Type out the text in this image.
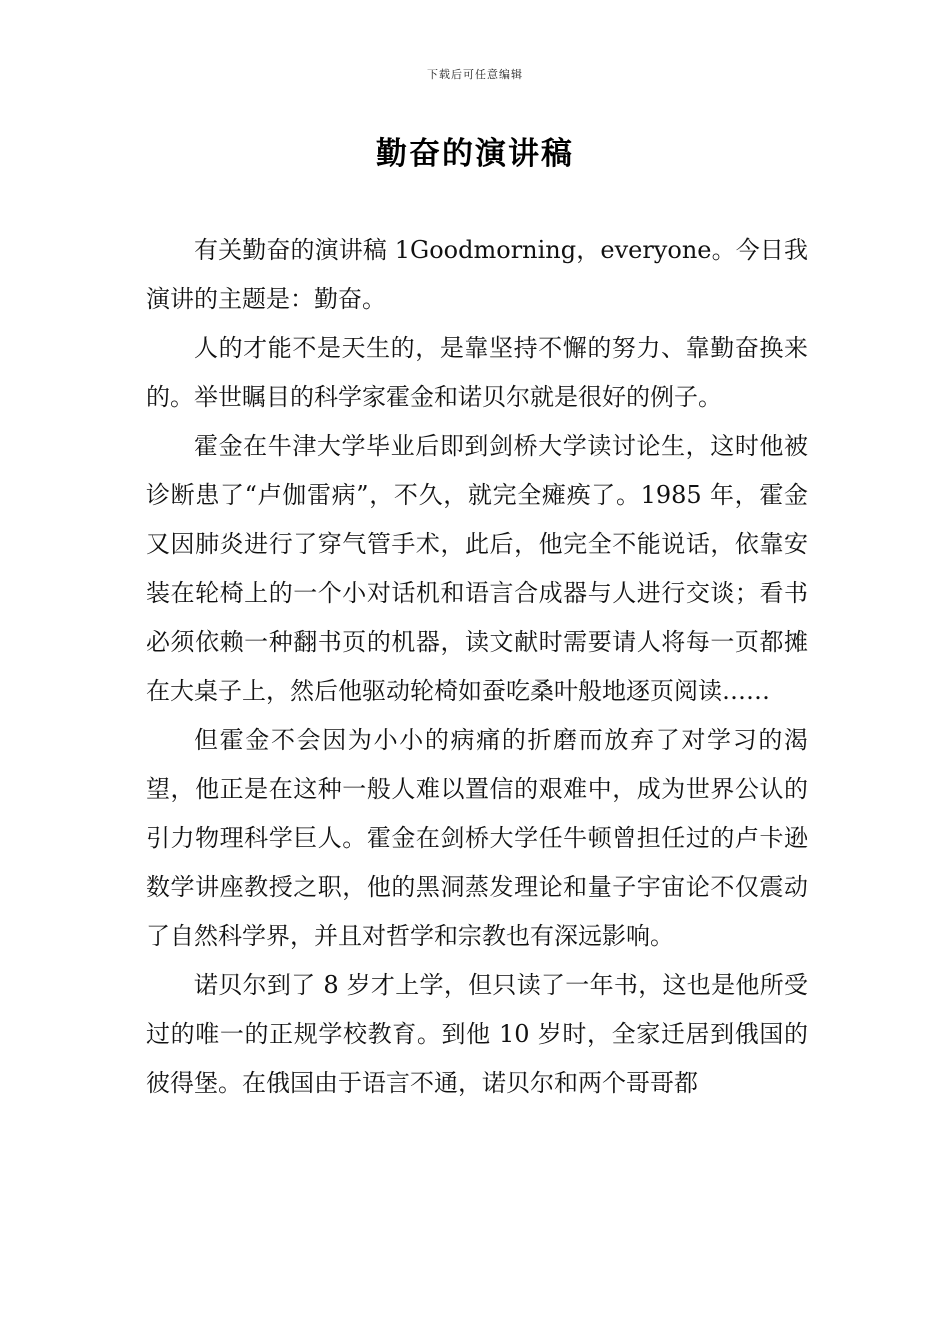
下载后可任意编辑
勤奋的演讲稿

有关勤奋的演讲稿 1Goodmorning，everyone。今日我演讲的主题是：勤奋。

人的才能不是天生的，是靠坚持不懈的努力、靠勤奋换来的。举世瞩目的科学家霍金和诺贝尔就是很好的例子。

霍金在牛津大学毕业后即到剑桥大学读讨论生，这时他被诊断患了“卢伽雷病”，不久，就完全瘫痪了。1985 年，霍金又因肺炎进行了穿气管手术，此后，他完全不能说话，依靠安装在轮椅上的一个小对话机和语言合成器与人进行交谈；看书必须依赖一种翻书页的机器，读文献时需要请人将每一页都摊在大桌子上，然后他驱动轮椅如蚕吃桑叶般地逐页阅读……

但霍金不会因为小小的病痛的折磨而放弃了对学习的渴望，他正是在这种一般人难以置信的艰难中，成为世界公认的引力物理科学巨人。霍金在剑桥大学任牛顿曾担任过的卢卡逊数学讲座教授之职，他的黑洞蒸发理论和量子宇宙论不仅震动了自然科学界，并且对哲学和宗教也有深远影响。

诺贝尔到了 8 岁才上学，但只读了一年书，这也是他所受过的唯一的正规学校教育。到他 10 岁时，全家迁居到俄国的彼得堡。在俄国由于语言不通，诺贝尔和两个哥哥都
